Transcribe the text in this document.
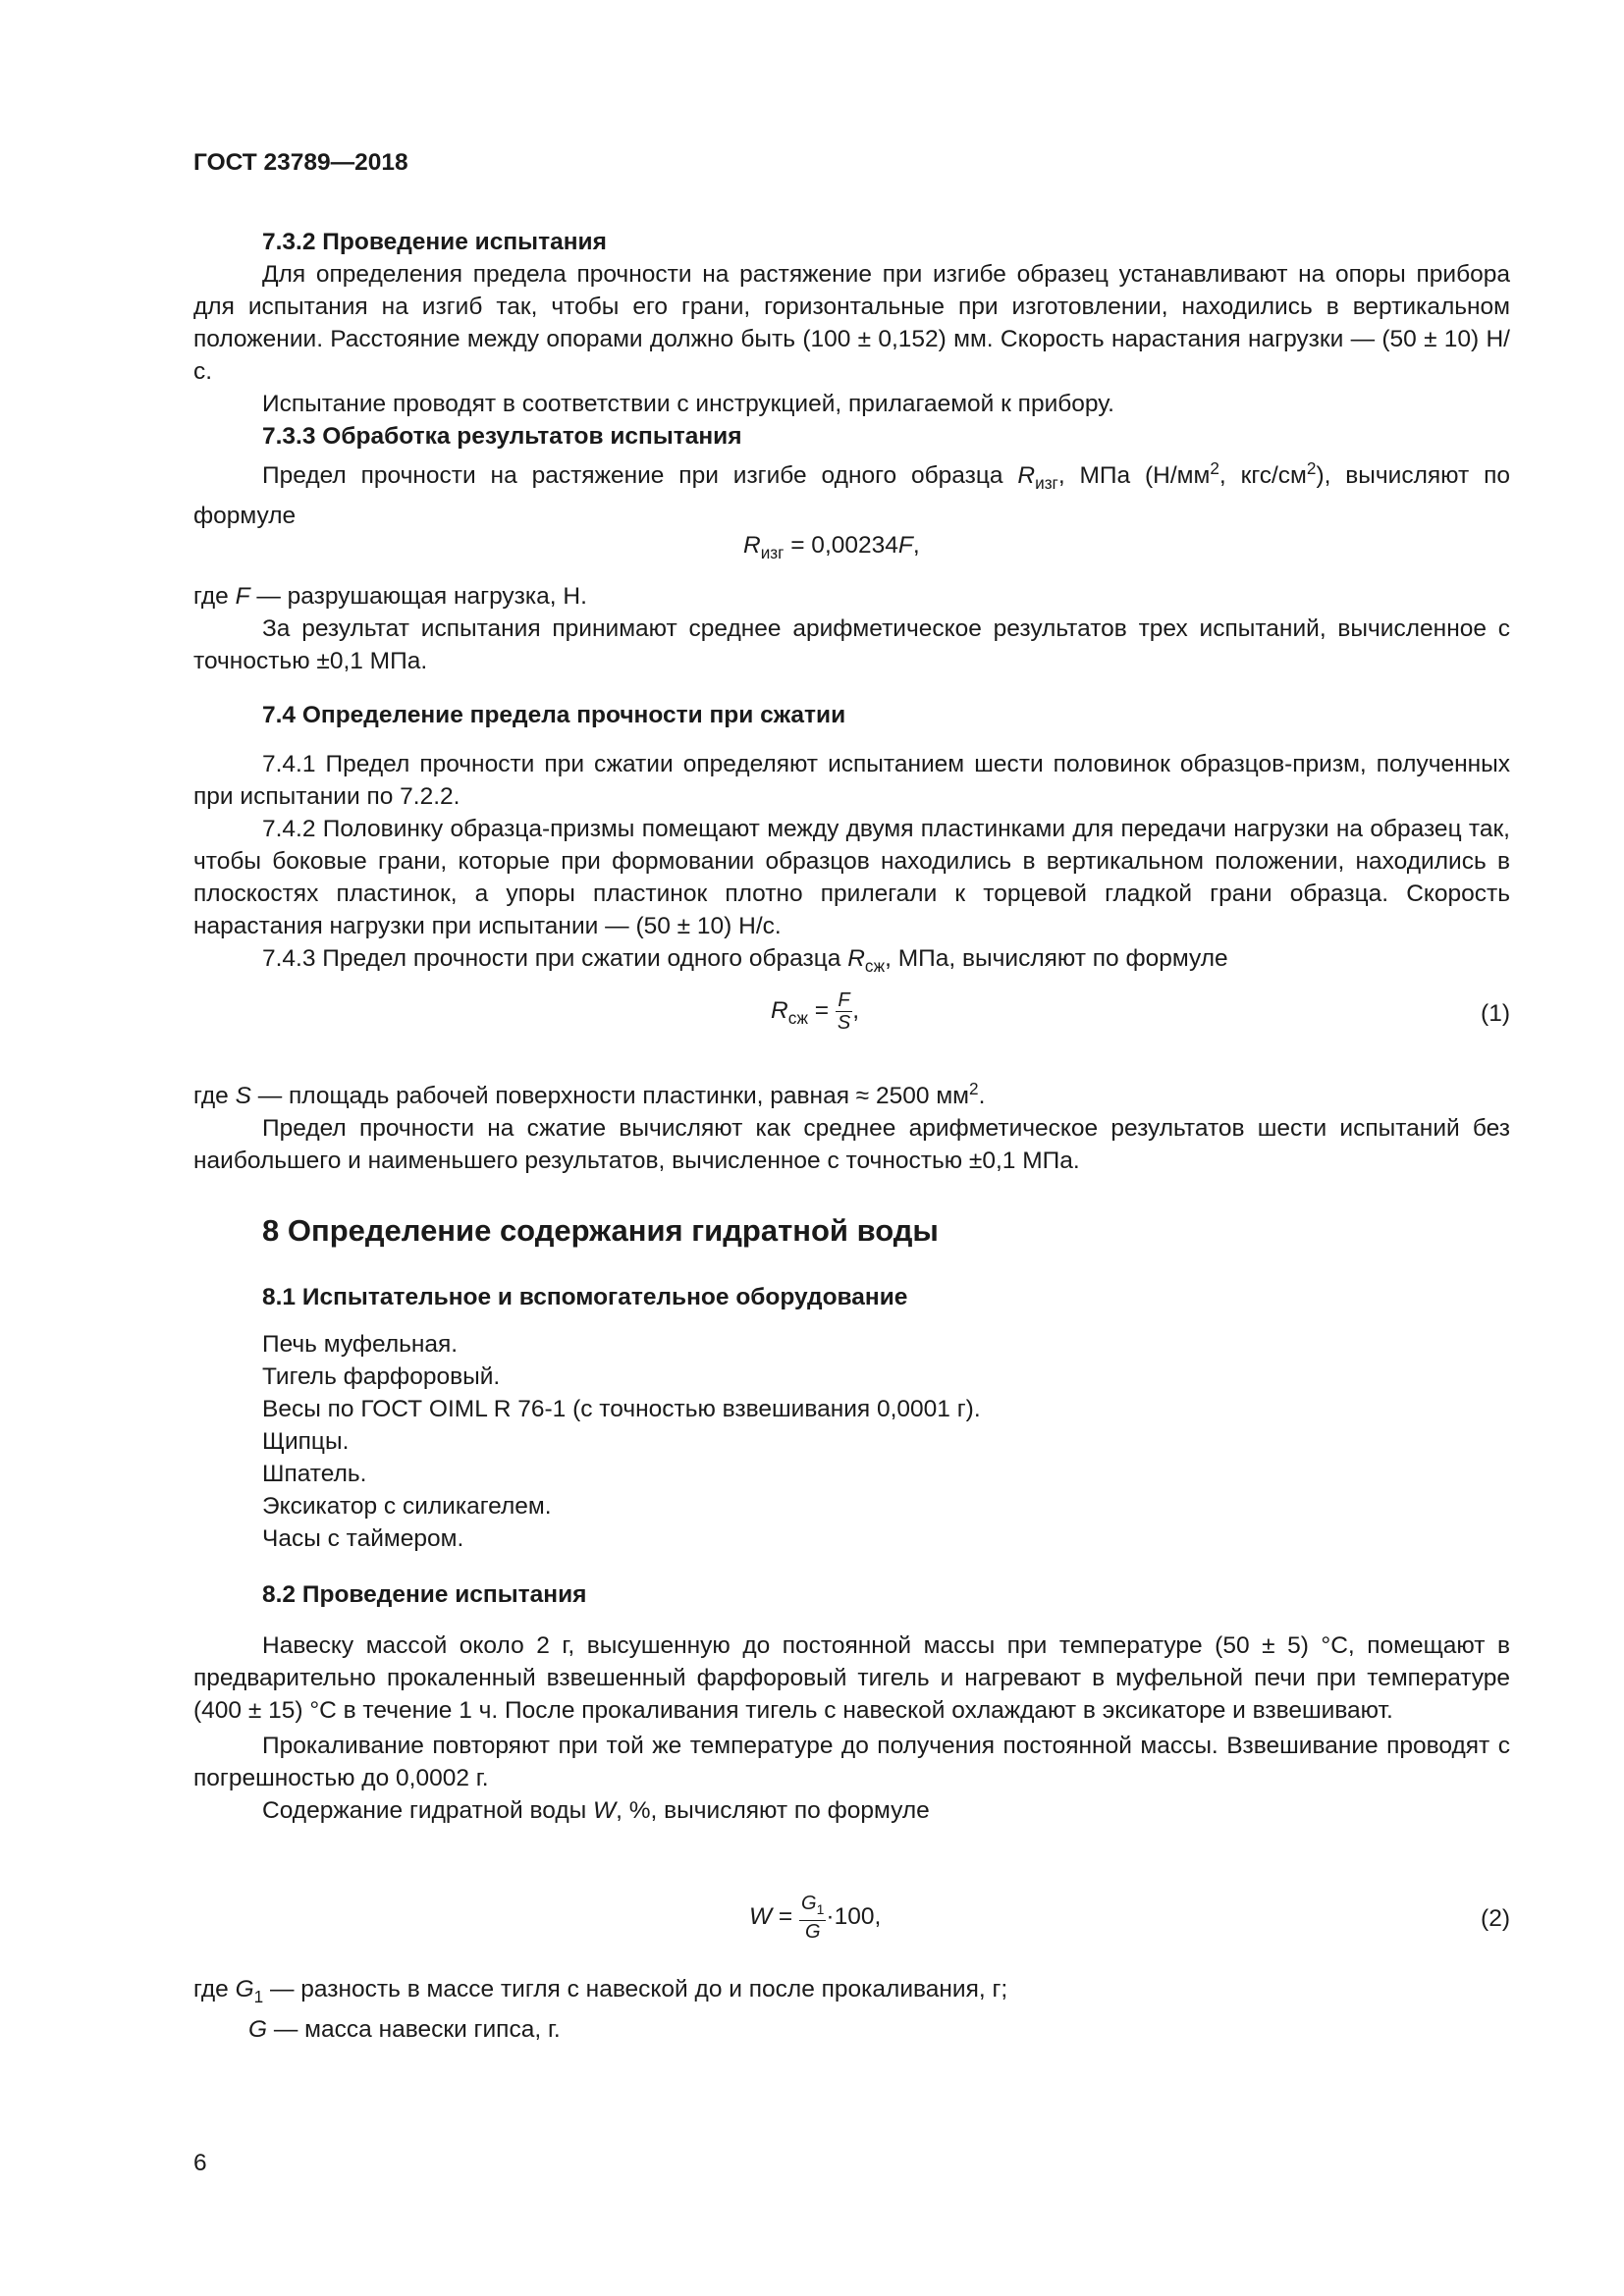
ГОСТ 23789—2018

7.3.2 Проведение испытания

Для определения предела прочности на растяжение при изгибе образец устанавливают на опоры прибора для испытания на изгиб так, чтобы его грани, горизонтальные при изготовлении, находились в вертикальном положении. Расстояние между опорами должно быть (100 ± 0,152) мм. Скорость нарастания нагрузки — (50 ± 10) Н/с.

Испытание проводят в соответствии с инструкцией, прилагаемой к прибору.

7.3.3 Обработка результатов испытания

Предел прочности на растяжение при изгибе одного образца $R_{изг}$, МПа ($Н/мм^2$, кгс/$см^2$), вычисляют по формуле

$R_{изг} = 0,00234F$,

где F — разрушающая нагрузка, Н.

За результат испытания принимают среднее арифметическое результатов трех испытаний, вычисленное с точностью ±0,1 МПа.

7.4 Определение предела прочности при сжатии

7.4.1 Предел прочности при сжатии определяют испытанием шести половинок образцов-призм, полученных при испытании по 7.2.2.

7.4.2 Половинку образца-призмы помещают между двумя пластинками для передачи нагрузки на образец так, чтобы боковые грани, которые при формовании образцов находились в вертикальном положении, находились в плоскостях пластинок, а упоры пластинок плотно прилегали к торцевой гладкой грани образца. Скорость нарастания нагрузки при испытании — (50 ± 10) Н/с.

7.4.3 Предел прочности при сжатии одного образца $R_{сж}$, МПа, вычисляют по формуле

$R_{сж} = \frac{F}{S}$ ,	(1)

где S — площадь рабочей поверхности пластинки, равная ≈ 2500 $мм^2$.

Предел прочности на сжатие вычисляют как среднее арифметическое результатов шести испытаний без наибольшего и наименьшего результатов, вычисленное с точностью ±0,1 МПа.

8 Определение содержания гидратной воды

8.1 Испытательное и вспомогательное оборудование

Печь муфельная.

Тигель фарфоровый.

Весы по ГОСТ OIML R 76-1 (с точностью взвешивания 0,0001 г).

Щипцы.

Шпатель.

Эксикатор с силикагелем.

Часы с таймером.

8.2 Проведение испытания

Навеску массой около 2 г, высушенную до постоянной массы при температуре (50 ± 5) °С, помещают в предварительно прокаленный взвешенный фарфоровый тигель и нагревают в муфельной печи при температуре (400 ± 15) °С в течение 1 ч. После прокаливания тигель с навеской охлаждают в эксикаторе и взвешивают.

Прокаливание повторяют при той же температуре до получения постоянной массы. Взвешивание проводят с погрешностью до 0,0002 г.

Содержание гидратной воды W, %, вычисляют по формуле

$W = \frac{G_1}{G} \cdot 100$,	(2)

где $G_1$ — разность в массе тигля с навеской до и после прокаливания, г;

G — масса навески гипса, г.

6
